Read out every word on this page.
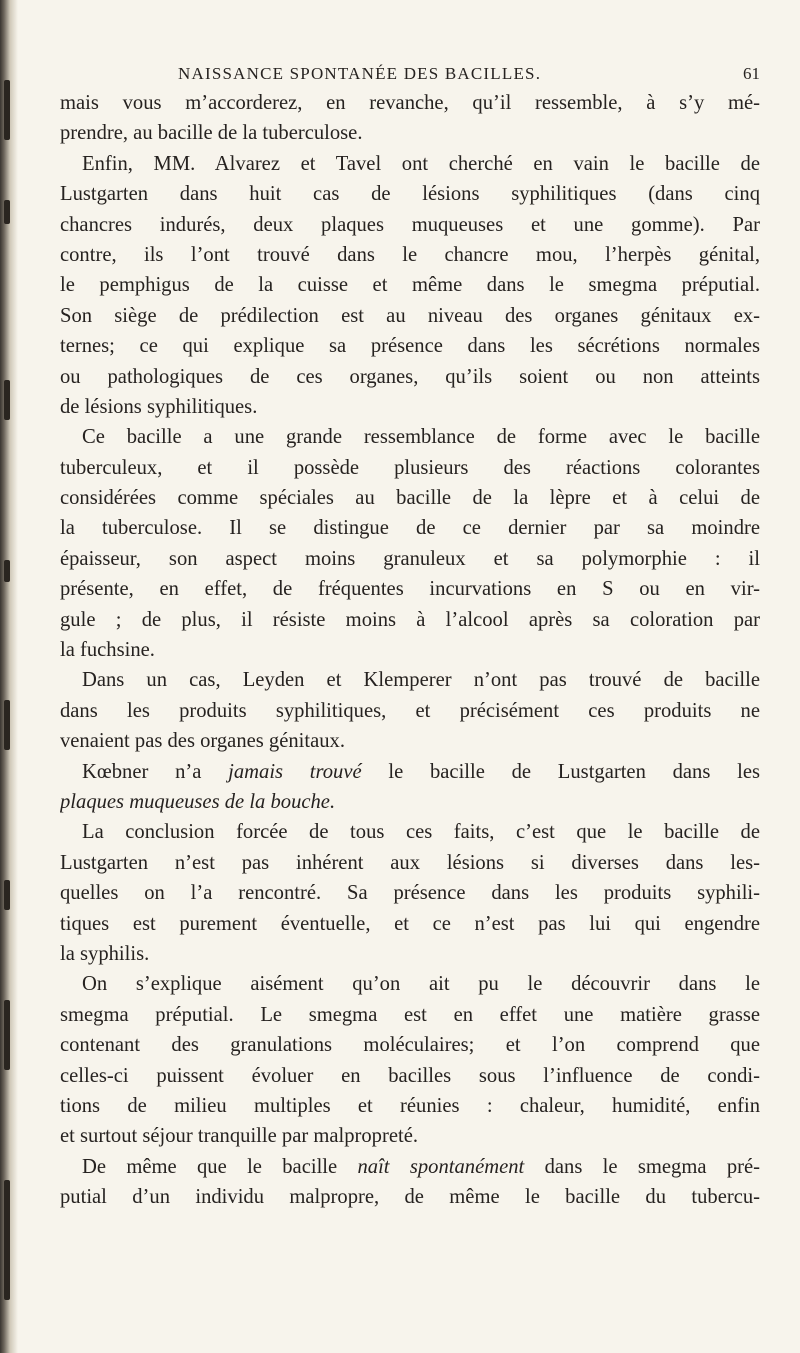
NAISSANCE SPONTANÉE DES BACILLES.	61
mais vous m’accorderez, en revanche, qu’il ressemble, à s’y mé-
prendre, au bacille de la tuberculose.
Enfin, MM. Alvarez et Tavel ont cherché en vain le bacille de
Lustgarten dans huit cas de lésions syphilitiques (dans cinq
chancres indurés, deux plaques muqueuses et une gomme). Par
contre, ils l’ont trouvé dans le chancre mou, l’herpès génital,
le pemphigus de la cuisse et même dans le smegma préputial.
Son siège de prédilection est au niveau des organes génitaux ex-
ternes; ce qui explique sa présence dans les sécrétions normales
ou pathologiques de ces organes, qu’ils soient ou non atteints
de lésions syphilitiques.
Ce bacille a une grande ressemblance de forme avec le bacille
tuberculeux, et il possède plusieurs des réactions colorantes
considérées comme spéciales au bacille de la lèpre et à celui de
la tuberculose. Il se distingue de ce dernier par sa moindre
épaisseur, son aspect moins granuleux et sa polymorphie : il
présente, en effet, de fréquentes incurvations en S ou en vir-
gule ; de plus, il résiste moins à l’alcool après sa coloration par
la fuchsine.
Dans un cas, Leyden et Klemperer n’ont pas trouvé de bacille
dans les produits syphilitiques, et précisément ces produits ne
venaient pas des organes génitaux.
Kœbner n’a jamais trouvé le bacille de Lustgarten dans les
plaques muqueuses de la bouche.
La conclusion forcée de tous ces faits, c’est que le bacille de
Lustgarten n’est pas inhérent aux lésions si diverses dans les-
quelles on l’a rencontré. Sa présence dans les produits syphili-
tiques est purement éventuelle, et ce n’est pas lui qui engendre
la syphilis.
On s’explique aisément qu’on ait pu le découvrir dans le
smegma préputial. Le smegma est en effet une matière grasse
contenant des granulations moléculaires; et l’on comprend que
celles-ci puissent évoluer en bacilles sous l’influence de condi-
tions de milieu multiples et réunies : chaleur, humidité, enfin
et surtout séjour tranquille par malpropreté.
De même que le bacille naît spontanément dans le smegma pré-
putial d’un individu malpropre, de même le bacille du tubercu-
